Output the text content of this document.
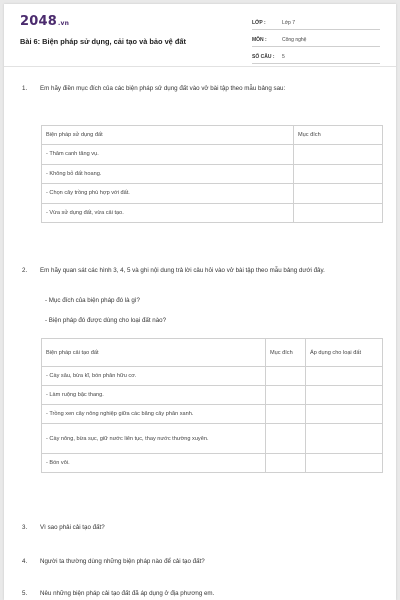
2048.vn
Bài 6: Biện pháp sử dụng, cải tạo và bảo vệ đất
LỚP :	Lớp 7
MÔN :	Công nghệ
SỐ CÂU :	5
1. Em hãy điền mục đích của các biện pháp sử dụng đất vào vở bài tập theo mẫu bảng sau:
Biện pháp sử dụng đất	Mục đích
- Thâm canh tăng vụ.	
- Không bỏ đất hoang.	
- Chọn cây trồng phù hợp với đất.	
- Vừa sử dụng đất, vừa cải tạo.	
2. Em hãy quan sát các hình 3, 4, 5 và ghi nội dung trả lời câu hỏi vào vở bài tập theo mẫu bảng dưới đây.
- Mục đích của biện pháp đó là gì?
- Biện pháp đó được dùng cho loại đất nào?
Biện pháp cải tạo đất	Mục đích	Áp dụng cho loại đất
- Cày sâu, bừa kĩ, bón phân hữu cơ.		
- Làm ruộng bậc thang.		
- Trồng xen cây nông nghiệp giữa các băng cây phân xanh.		
- Cày nông, bừa sục, giữ nước liên tục, thay nước thường xuyên.		
- Bón vôi.		
3. Vì sao phải cải tạo đất?
4. Người ta thường dùng những biện pháp nào để cải tạo đất?
5. Nêu những biện pháp cải tạo đất đã áp dụng ở địa phương em.
